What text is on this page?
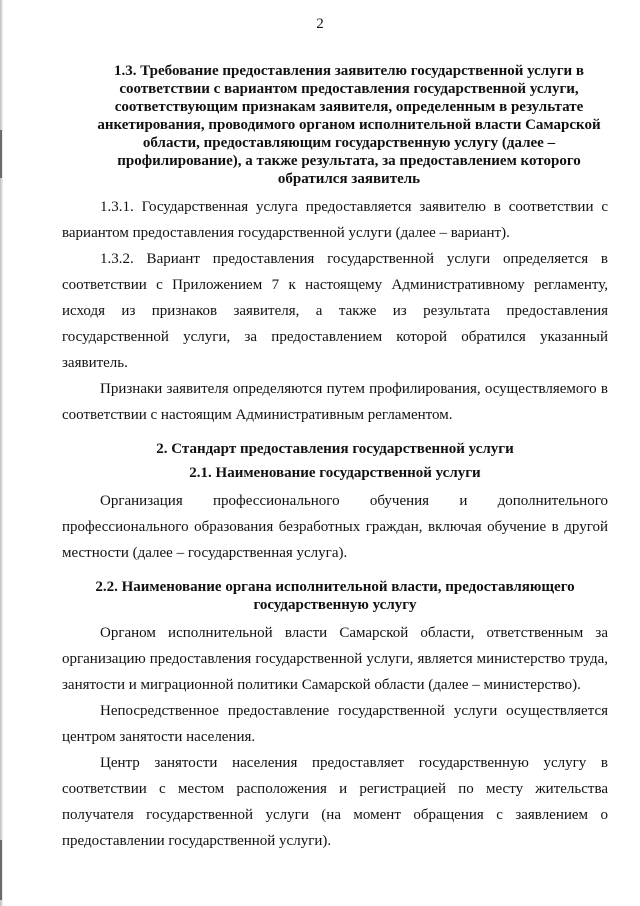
2

1.3. Требование предоставления заявителю государственной услуги в соответствии с вариантом предоставления государственной услуги, соответствующим признакам заявителя, определенным в результате анкетирования, проводимого органом исполнительной власти Самарской области, предоставляющим государственную услугу (далее – профилирование), а также результата, за предоставлением которого обратился заявитель

1.3.1. Государственная услуга предоставляется заявителю в соответствии с вариантом предоставления государственной услуги (далее – вариант).

1.3.2. Вариант предоставления государственной услуги определяется в соответствии с Приложением 7 к настоящему Административному регламенту, исходя из признаков заявителя, а также из результата предоставления государственной услуги, за предоставлением которой обратился указанный заявитель.

Признаки заявителя определяются путем профилирования, осуществляемого в соответствии с настоящим Административным регламентом.

2. Стандарт предоставления государственной услуги

2.1. Наименование государственной услуги

Организация профессионального обучения и дополнительного профессионального образования безработных граждан, включая обучение в другой местности (далее – государственная услуга).

2.2. Наименование органа исполнительной власти, предоставляющего государственную услугу

Органом исполнительной власти Самарской области, ответственным за организацию предоставления государственной услуги, является министерство труда, занятости и миграционной политики Самарской области (далее – министерство).

Непосредственное предоставление государственной услуги осуществляется центром занятости населения.

Центр занятости населения предоставляет государственную услугу в соответствии с местом расположения и регистрацией по месту жительства получателя государственной услуги (на момент обращения с заявлением о предоставлении государственной услуги).
